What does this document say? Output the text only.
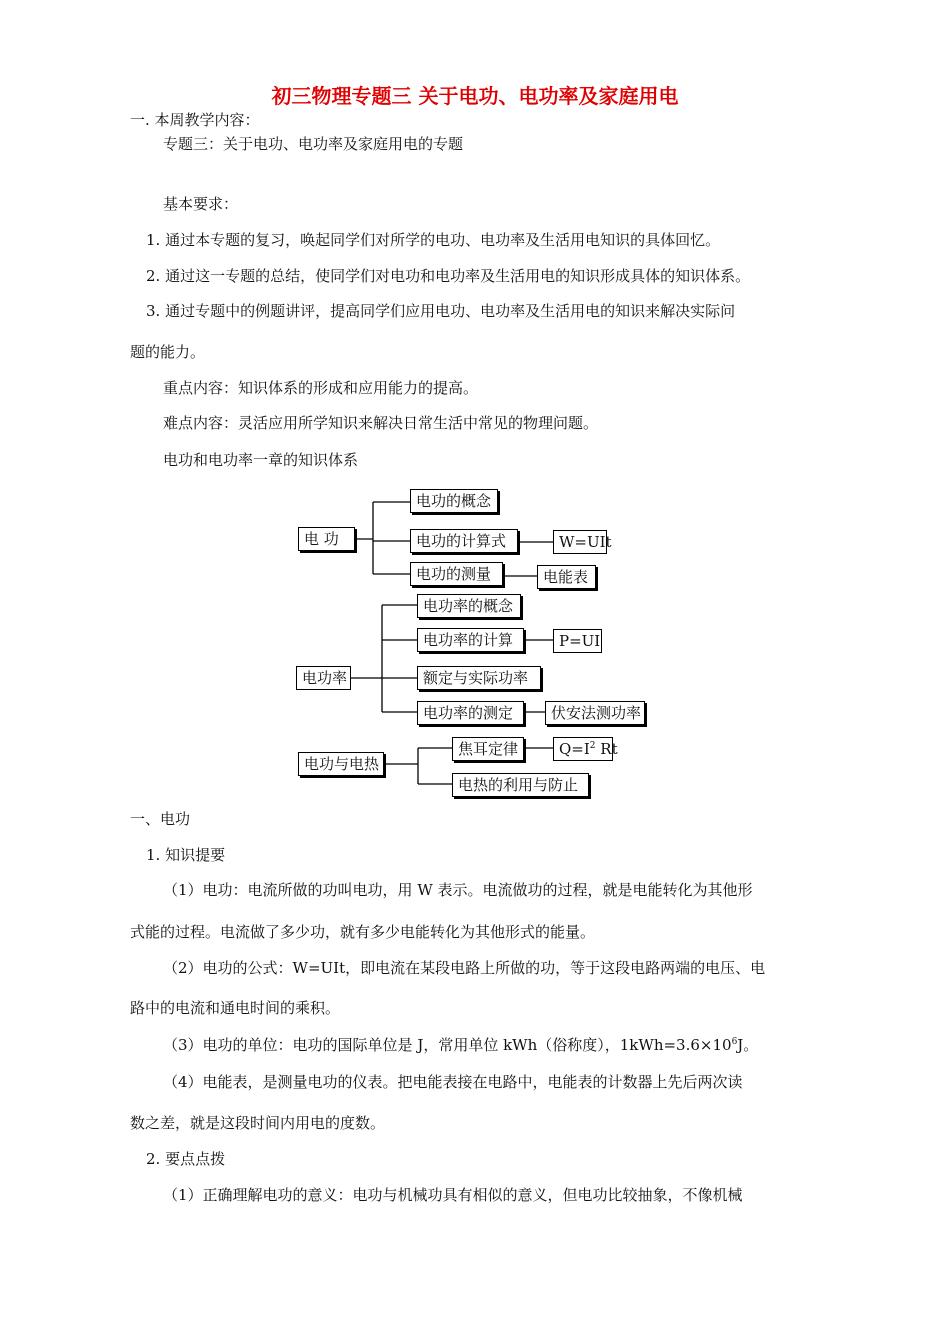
初三物理专题三 关于电功、电功率及家庭用电
一. 本周教学内容：
专题三：关于电功、电功率及家庭用电的专题
基本要求：
1. 通过本专题的复习，唤起同学们对所学的电功、电功率及生活用电知识的具体回忆。
2. 通过这一专题的总结，使同学们对电功和电功率及生活用电的知识形成具体的知识体系。
3. 通过专题中的例题讲评，提高同学们应用电功、电功率及生活用电的知识来解决实际问
题的能力。
重点内容：知识体系的形成和应用能力的提高。
难点内容：灵活应用所学知识来解决日常生活中常见的物理问题。
电功和电功率一章的知识体系
电 功
电功的概念
电功的计算式	W=UIt
电功的测量	电能表
电功率
电功率的概念
电功率的计算	P=UI
额定与实际功率
电功率的测定	伏安法测功率
电功与电热
焦耳定律	$Q=I^2$ Rt
电热的利用与防止
一、电功
1. 知识提要
（1）电功：电流所做的功叫电功，用 W 表示。电流做功的过程，就是电能转化为其他形
式能的过程。电流做了多少功，就有多少电能转化为其他形式的能量。
（2）电功的公式：W=UIt，即电流在某段电路上所做的功，等于这段电路两端的电压、电
路中的电流和通电时间的乘积。
（3）电功的单位：电功的国际单位是 J，常用单位 kWh（俗称度），$1kWh=3.6\times 10^6J$。
（4）电能表，是测量电功的仪表。把电能表接在电路中，电能表的计数器上先后两次读
数之差，就是这段时间内用电的度数。
2. 要点点拨
（1）正确理解电功的意义：电功与机械功具有相似的意义，但电功比较抽象，不像机械
